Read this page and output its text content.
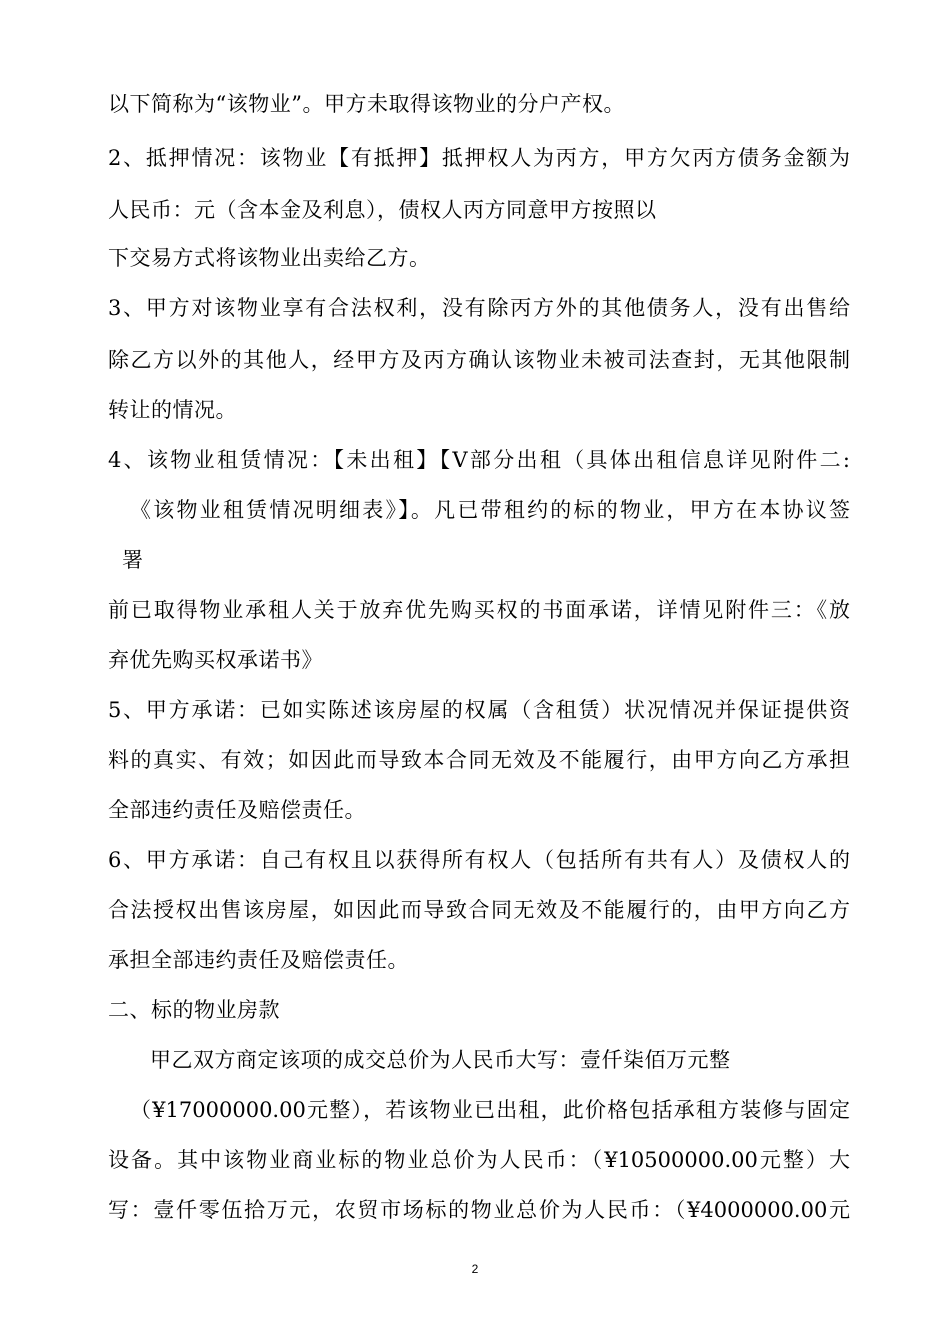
以下简称为“该物业”。甲方未取得该物业的分户产权。
2、抵押情况：该物业【有抵押】抵押权人为丙方，甲方欠丙方债务金额为
人民币：元（含本金及利息），债权人丙方同意甲方按照以
下交易方式将该物业出卖给乙方。
3、甲方对该物业享有合法权利，没有除丙方外的其他债务人，没有出售给
除乙方以外的其他人，经甲方及丙方确认该物业未被司法查封，无其他限制
转让的情况。
4、该物业租赁情况：【未出租】【V部分出租（具体出租信息详见附件二:
《该物业租赁情况明细表》】。凡已带租约的标的物业，甲方在本协议签
署
前已取得物业承租人关于放弃优先购买权的书面承诺，详情见附件三：《放
弃优先购买权承诺书》
5、甲方承诺：已如实陈述该房屋的权属（含租赁）状况情况并保证提供资
料的真实、有效；如因此而导致本合同无效及不能履行，由甲方向乙方承担
全部违约责任及赔偿责任。
6、甲方承诺：自己有权且以获得所有权人（包括所有共有人）及债权人的
合法授权出售该房屋，如因此而导致合同无效及不能履行的，由甲方向乙方
承担全部违约责任及赔偿责任。
二、标的物业房款
甲乙双方商定该项的成交总价为人民币大写：壹仟柒佰万元整
（¥17000000.00元整），若该物业已出租，此价格包括承租方装修与固定
设备。其中该物业商业标的物业总价为人民币：（¥10500000.00元整）大
写：壹仟零伍拾万元，农贸市场标的物业总价为人民币：（¥4000000.00元
2
